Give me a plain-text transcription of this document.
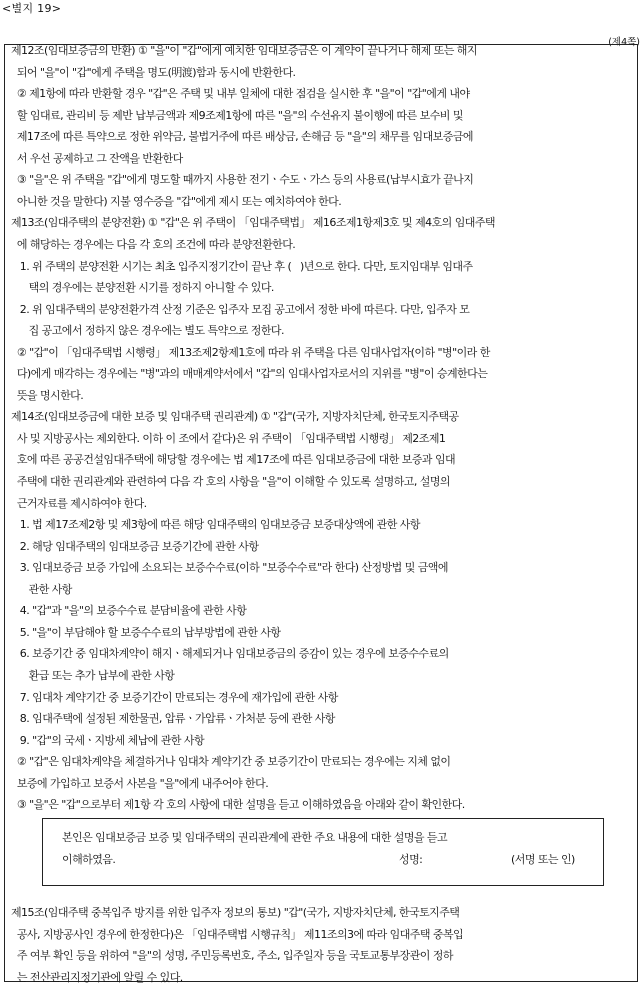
<별지 19>
(제4쪽)
제12조(임대보증금의 반환) ① "을"이 "갑"에게 예치한 임대보증금은 이 계약이 끝나거나 해제 또는 해지
되어 "을"이 "갑"에게 주택을 명도(明渡)함과 동시에 반환한다.
② 제1항에 따라 반환할 경우 "갑"은 주택 및 내부 일체에 대한 점검을 실시한 후 "을"이 "갑"에게 내야
할 임대료, 관리비 등 제반 납부금액과 제9조제1항에 따른 "을"의 수선유지 불이행에 따른 보수비 및
제17조에 따른 특약으로 정한 위약금, 불법거주에 따른 배상금, 손해금 등 "을"의 채무를 임대보증금에
서 우선 공제하고 그 잔액을 반환한다
③ "을"은 위 주택을 "갑"에게 명도할 때까지 사용한 전기ㆍ수도ㆍ가스 등의 사용료(납부시효가 끝나지
아니한 것을 말한다) 지불 영수증을 "갑"에게 제시 또는 예치하여야 한다.
제13조(임대주택의 분양전환) ① "갑"은 위 주택이 「임대주택법」 제16조제1항제3호 및 제4호의 임대주택
에 해당하는 경우에는 다음 각 호의 조건에 따라 분양전환한다.
1. 위 주택의 분양전환 시기는 최초 입주지정기간이 끝난 후 (   )년으로 한다. 다만, 토지임대부 임대주
택의 경우에는 분양전환 시기를 정하지 아니할 수 있다.
2. 위 임대주택의 분양전환가격 산정 기준은 입주자 모집 공고에서 정한 바에 따른다. 다만, 입주자 모
집 공고에서 정하지 않은 경우에는 별도 특약으로 정한다.
② "갑"이 「임대주택법 시행령」 제13조제2항제1호에 따라 위 주택을 다른 임대사업자(이하 "병"이라 한
다)에게 매각하는 경우에는 "병"과의 매매계약서에서 "갑"의 임대사업자로서의 지위를 "병"이 승계한다는
뜻을 명시한다.
제14조(임대보증금에 대한 보증 및 임대주택 권리관계) ① "갑"(국가, 지방자치단체, 한국토지주택공
사 및 지방공사는 제외한다. 이하 이 조에서 같다)은 위 주택이 「임대주택법 시행령」 제2조제1
호에 따른 공공건설임대주택에 해당할 경우에는 법 제17조에 따른 임대보증금에 대한 보증과 임대
주택에 대한 권리관계와 관련하여 다음 각 호의 사항을 "을"이 이해할 수 있도록 설명하고, 설명의
근거자료를 제시하여야 한다.
1. 법 제17조제2항 및 제3항에 따른 해당 임대주택의 임대보증금 보증대상액에 관한 사항
2. 해당 임대주택의 임대보증금 보증기간에 관한 사항
3. 임대보증금 보증 가입에 소요되는 보증수수료(이하 "보증수수료"라 한다) 산정방법 및 금액에
관한 사항
4. "갑"과 "을"의 보증수수료 분담비율에 관한 사항
5. "을"이 부담해야 할 보증수수료의 납부방법에 관한 사항
6. 보증기간 중 임대차계약이 해지ㆍ해제되거나 임대보증금의 증감이 있는 경우에 보증수수료의
환급 또는 추가 납부에 관한 사항
7. 임대차 계약기간 중 보증기간이 만료되는 경우에 재가입에 관한 사항
8. 임대주택에 설정된 제한물권, 압류ㆍ가압류ㆍ가처분 등에 관한 사항
9. "갑"의 국세ㆍ지방세 체납에 관한 사항
② "갑"은 임대차계약을 체결하거나 임대차 계약기간 중 보증기간이 만료되는 경우에는 지체 없이
보증에 가입하고 보증서 사본을 "을"에게 내주어야 한다.
③ "을"은 "갑"으로부터 제1항 각 호의 사항에 대한 설명을 듣고 이해하였음을 아래와 같이 확인한다.
본인은 임대보증금 보증 및 임대주택의 권리관계에 관한 주요 내용에 대한 설명을 듣고
이해하였음.	성명:	(서명 또는 인)
제15조(임대주택 중복입주 방지를 위한 입주자 정보의 통보) "갑"(국가, 지방자치단체, 한국토지주택
공사, 지방공사인 경우에 한정한다)은 「임대주택법 시행규칙」 제11조의3에 따라 임대주택 중복입
주 여부 확인 등을 위하여 "을"의 성명, 주민등록번호, 주소, 입주일자 등을 국토교통부장관이 정하
는 전산관리지정기관에 알릴 수 있다.
